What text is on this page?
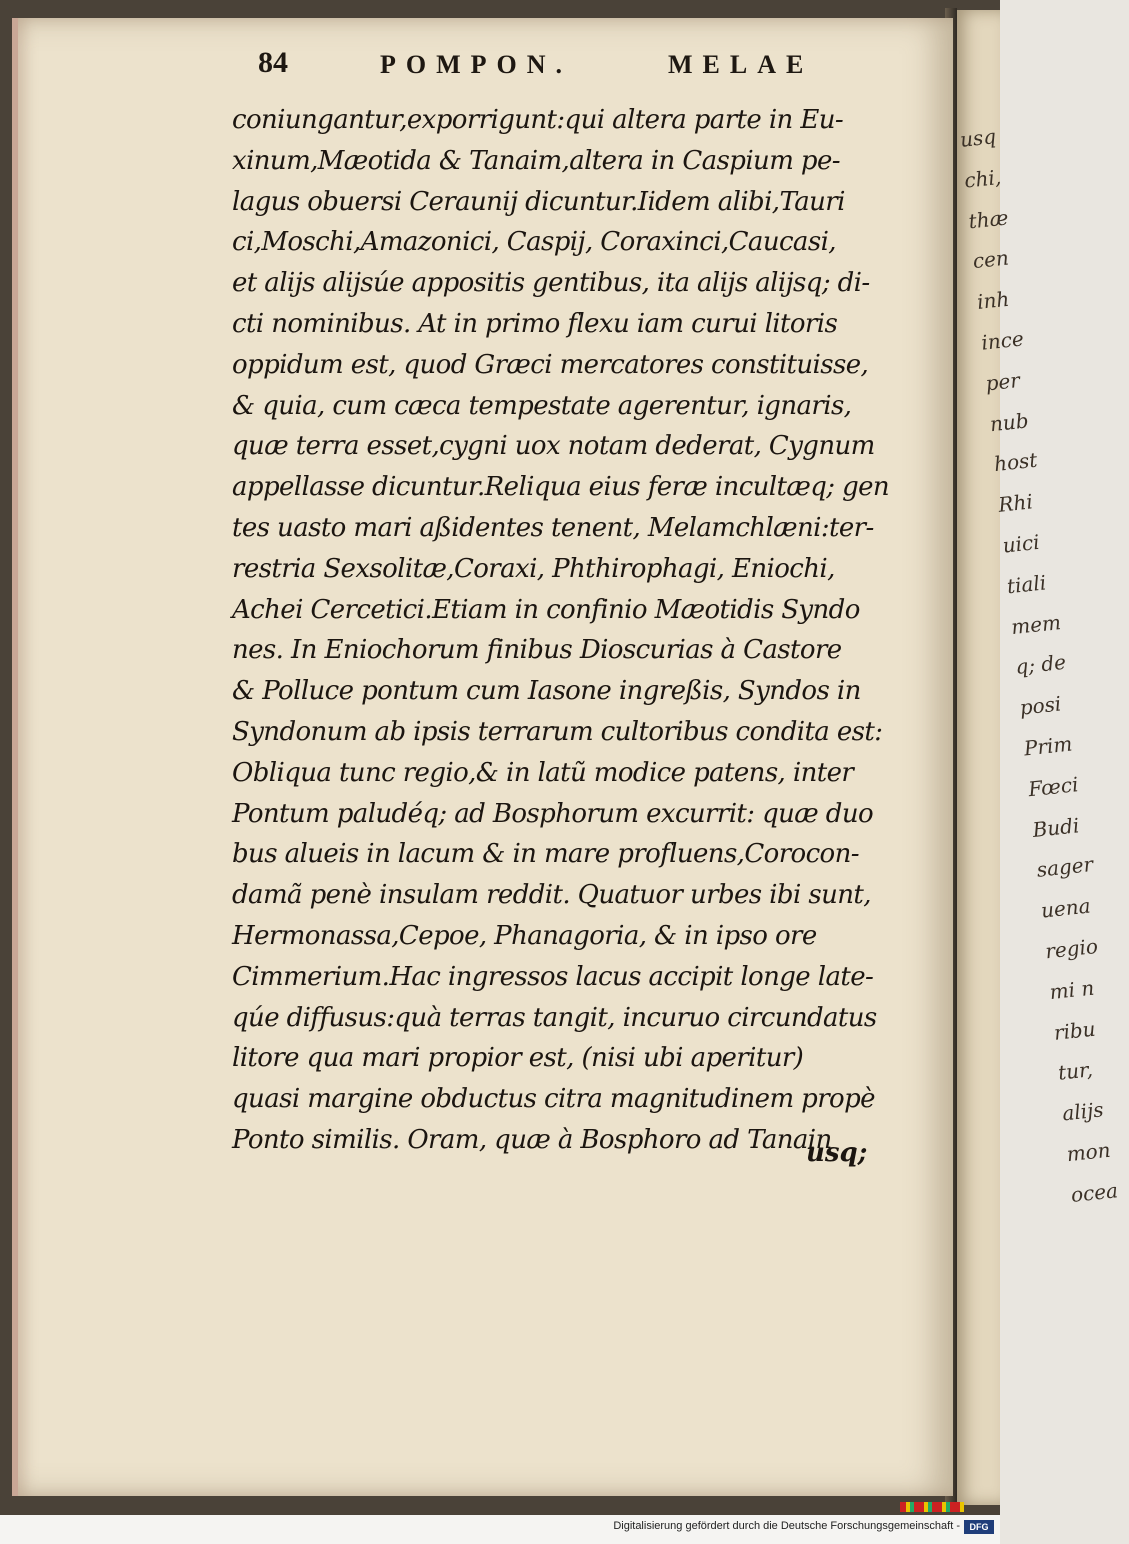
usq
chi,
thæ
cen
inh
ince
per
nub
host
Rhi
uici
tiali
mem
q; de
posi
Prim
Fœci
Budi
sager
uena
regio
mi n
ribu
tur,
alijs
mon
ocea
84	POMPON.	MELAE
coniungantur,exporrigunt:qui altera parte in Eu-
xinum,Mæotida & Tanaim,altera in Caspium pe-
lagus obuersi Ceraunij dicuntur.Iidem alibi,Tauri
ci,Moschi,Amazonici, Caspij, Coraxinci,Caucasi,
et alijs alijsúe appositis gentibus, ita alijs alijsq; di-
cti nominibus. At in primo flexu iam curui litoris
oppidum est, quod Græci mercatores constituisse,
& quia, cum cæca tempestate agerentur, ignaris,
quæ terra esset,cygni uox notam dederat, Cygnum
appellasse dicuntur.Reliqua eius feræ incultæq; gen
tes uasto mari aßidentes tenent, Melamchlæni:ter-
restria Sexsolitæ,Coraxi, Phthirophagi, Eniochi,
Achei Cercetici.Etiam in confinio Mæotidis Syndo
nes. In Eniochorum finibus Dioscurias à Castore
& Polluce pontum cum Iasone ingreßis, Syndos in
Syndonum ab ipsis terrarum cultoribus condita est:
Obliqua tunc regio,& in latũ modice patens, inter
Pontum paludéq; ad Bosphorum excurrit: quæ duo
bus alueis in lacum & in mare profluens,Corocon-
damã penè insulam reddit. Quatuor urbes ibi sunt,
Hermonassa,Cepoe, Phanagoria, & in ipso ore
Cimmerium.Hac ingressos lacus accipit longe late-
qúe diffusus:quà terras tangit, incuruo circundatus
litore qua mari propior est, (nisi ubi aperitur)
quasi margine obductus citra magnitudinem propè
Ponto similis. Oram, quæ à Bosphoro ad Tanain
usq;
Digitalisierung gefördert durch die Deutsche Forschungsgemeinschaft -	DFG
